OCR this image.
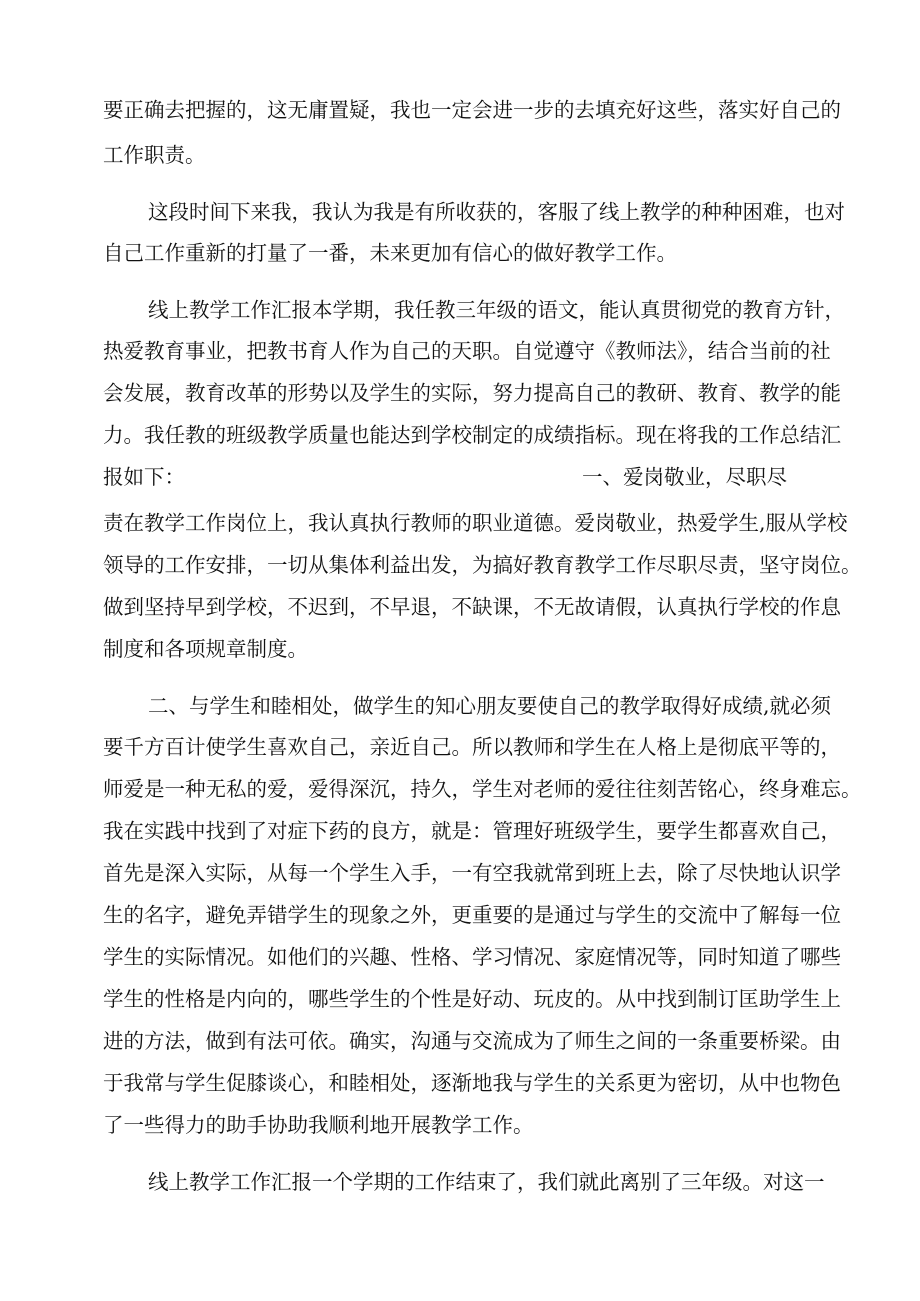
要正确去把握的，这无庸置疑，我也一定会进一步的去填充好这些，落实好自己的
工作职责。
这段时间下来我，我认为我是有所收获的，客服了线上教学的种种困难，也对
自己工作重新的打量了一番，未来更加有信心的做好教学工作。
线上教学工作汇报本学期，我任教三年级的语文，能认真贯彻党的教育方针，
热爱教育事业，把教书育人作为自己的天职。自觉遵守《教师法》，结合当前的社
会发展，教育改革的形势以及学生的实际，努力提高自己的教研、教育、教学的能
力。我任教的班级教学质量也能达到学校制定的成绩指标。现在将我的工作总结汇
报如下：	一、爱岗敬业，尽职尽
责在教学工作岗位上，我认真执行教师的职业道德。爱岗敬业，热爱学生,服从学校
领导的工作安排，一切从集体利益出发，为搞好教育教学工作尽职尽责，坚守岗位。
做到坚持早到学校，不迟到，不早退，不缺课，不无故请假，认真执行学校的作息
制度和各项规章制度。
二、与学生和睦相处，做学生的知心朋友要使自己的教学取得好成绩,就必须
要千方百计使学生喜欢自己，亲近自己。所以教师和学生在人格上是彻底平等的，
师爱是一种无私的爱，爱得深沉，持久，学生对老师的爱往往刻苦铭心，终身难忘。
我在实践中找到了对症下药的良方，就是：管理好班级学生，要学生都喜欢自己，
首先是深入实际，从每一个学生入手，一有空我就常到班上去，除了尽快地认识学
生的名字，避免弄错学生的现象之外，更重要的是通过与学生的交流中了解每一位
学生的实际情况。如他们的兴趣、性格、学习情况、家庭情况等，同时知道了哪些
学生的性格是内向的，哪些学生的个性是好动、玩皮的。从中找到制订匡助学生上
进的方法，做到有法可依。确实，沟通与交流成为了师生之间的一条重要桥梁。由
于我常与学生促膝谈心，和睦相处，逐渐地我与学生的关系更为密切，从中也物色
了一些得力的助手协助我顺利地开展教学工作。
线上教学工作汇报一个学期的工作结束了，我们就此离别了三年级。对这一
